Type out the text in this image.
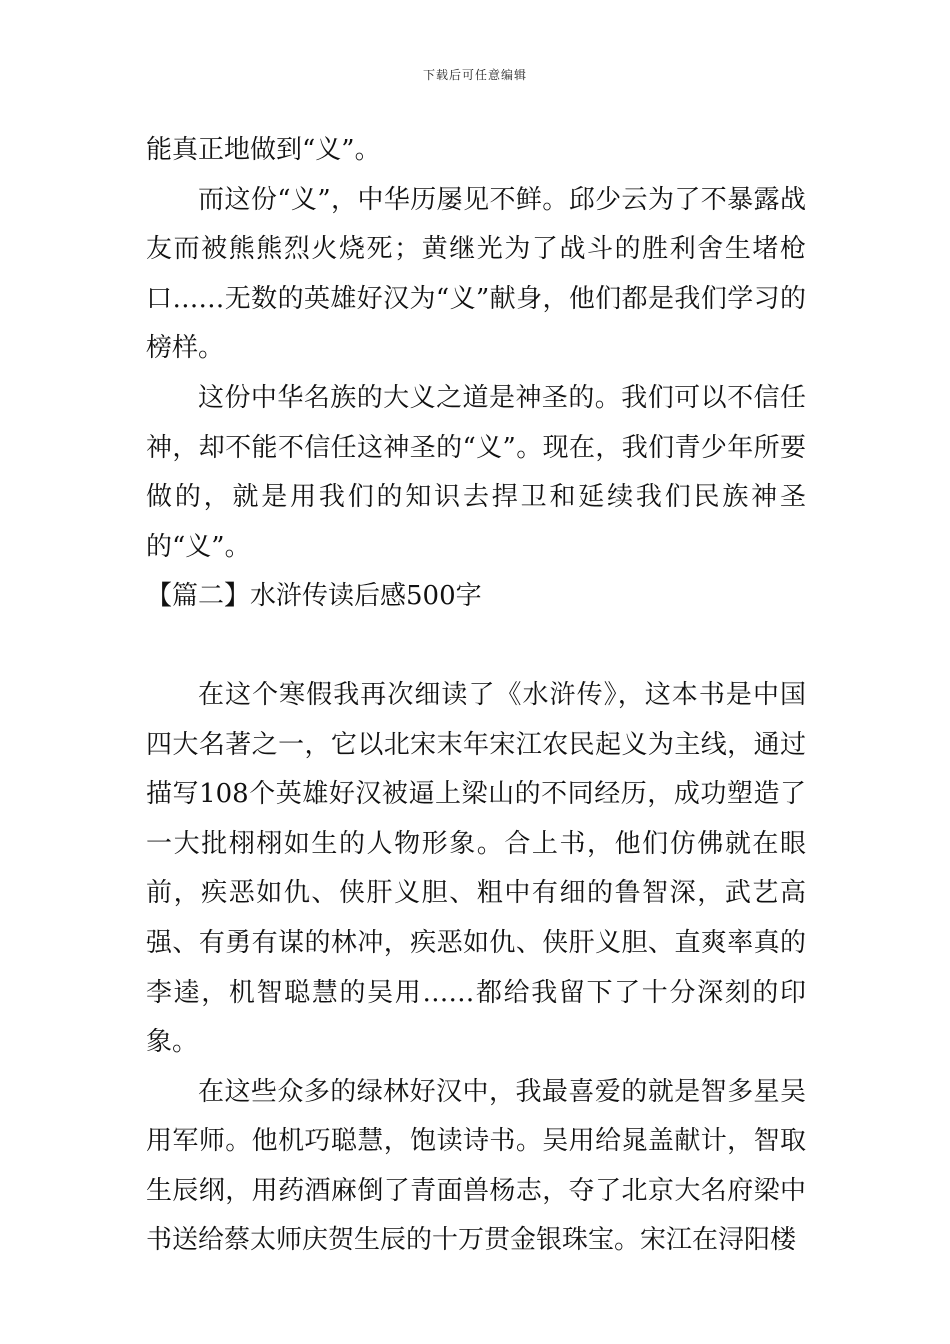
下载后可任意编辑

能真正地做到“义”。

而这份“义”，中华历屡见不鲜。邱少云为了不暴露战友而被熊熊烈火烧死；黄继光为了战斗的胜利舍生堵枪口……无数的英雄好汉为“义”献身，他们都是我们学习的榜样。

这份中华名族的大义之道是神圣的。我们可以不信任神，却不能不信任这神圣的“义”。现在，我们青少年所要做的，就是用我们的知识去捍卫和延续我们民族神圣的“义”。

【篇二】水浒传读后感500字

在这个寒假我再次细读了《水浒传》，这本书是中国四大名著之一，它以北宋末年宋江农民起义为主线，通过描写108个英雄好汉被逼上梁山的不同经历，成功塑造了一大批栩栩如生的人物形象。合上书，他们仿佛就在眼前，疾恶如仇、侠肝义胆、粗中有细的鲁智深，武艺高强、有勇有谋的林冲，疾恶如仇、侠肝义胆、直爽率真的李逵，机智聪慧的吴用……都给我留下了十分深刻的印象。

在这些众多的绿林好汉中，我最喜爱的就是智多星吴用军师。他机巧聪慧，饱读诗书。吴用给晁盖献计，智取生辰纲，用药酒麻倒了青面兽杨志，夺了北京大名府梁中书送给蔡太师庆贺生辰的十万贯金银珠宝。宋江在浔阳楼
